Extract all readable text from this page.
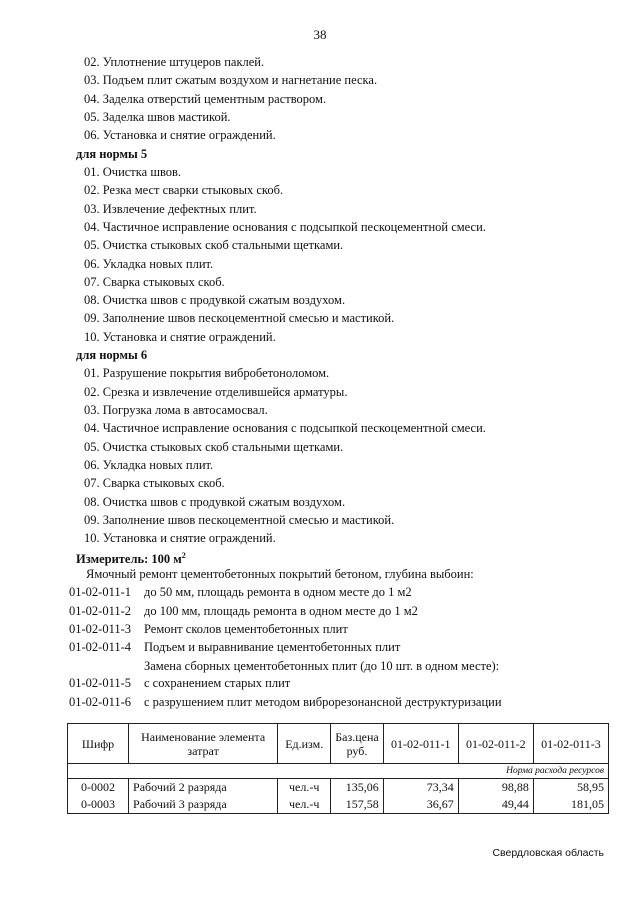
38
02. Уплотнение штуцеров паклей.
03. Подъем плит сжатым воздухом и нагнетание песка.
04. Заделка отверстий цементным раствором.
05. Заделка швов мастикой.
06. Установка и снятие ограждений.
для нормы 5
01. Очистка швов.
02. Резка мест сварки стыковых скоб.
03. Извлечение дефектных плит.
04. Частичное исправление основания с подсыпкой пескоцементной смеси.
05. Очистка стыковых скоб стальными щетками.
06. Укладка новых плит.
07. Сварка стыковых скоб.
08. Очистка швов с продувкой сжатым воздухом.
09. Заполнение швов пескоцементной смесью и мастикой.
10. Установка и снятие ограждений.
для нормы 6
01. Разрушение покрытия вибробетоноломом.
02. Срезка и извлечение отделившейся арматуры.
03. Погрузка лома в автосамосвал.
04. Частичное исправление основания с подсыпкой пескоцементной смеси.
05. Очистка стыковых скоб стальными щетками.
06. Укладка новых плит.
07. Сварка стыковых скоб.
08. Очистка швов с продувкой сжатым воздухом.
09. Заполнение швов пескоцементной смесью и мастикой.
10. Установка и снятие ограждений.
Измеритель: 100 $м^2$
Ямочный ремонт цементобетонных покрытий бетоном, глубина выбоин:
01-02-011-1 до 50 мм, площадь ремонта в одном месте до 1 м2
01-02-011-2 до 100 мм, площадь ремонта в одном месте до 1 м2
01-02-011-3 Ремонт сколов цементобетонных плит
01-02-011-4 Подъем и выравнивание цементобетонных плит
Замена сборных цементобетонных плит (до 10 шт. в одном месте):
01-02-011-5 с сохранением старых плит
01-02-011-6 с разрушением плит методом виброрезонансной деструктуризации
Шифр	Наименование элемента затрат	Ед.изм.	Баз.цена руб.	01-02-011-1	01-02-011-2	01-02-011-3
				Норма расхода ресурсов		
0-0002	Рабочий 2 разряда	чел.-ч	135,06	73,34	98,88	58,95
0-0003	Рабочий 3 разряда	чел.-ч	157,58	36,67	49,44	181,05
Свердловская область
